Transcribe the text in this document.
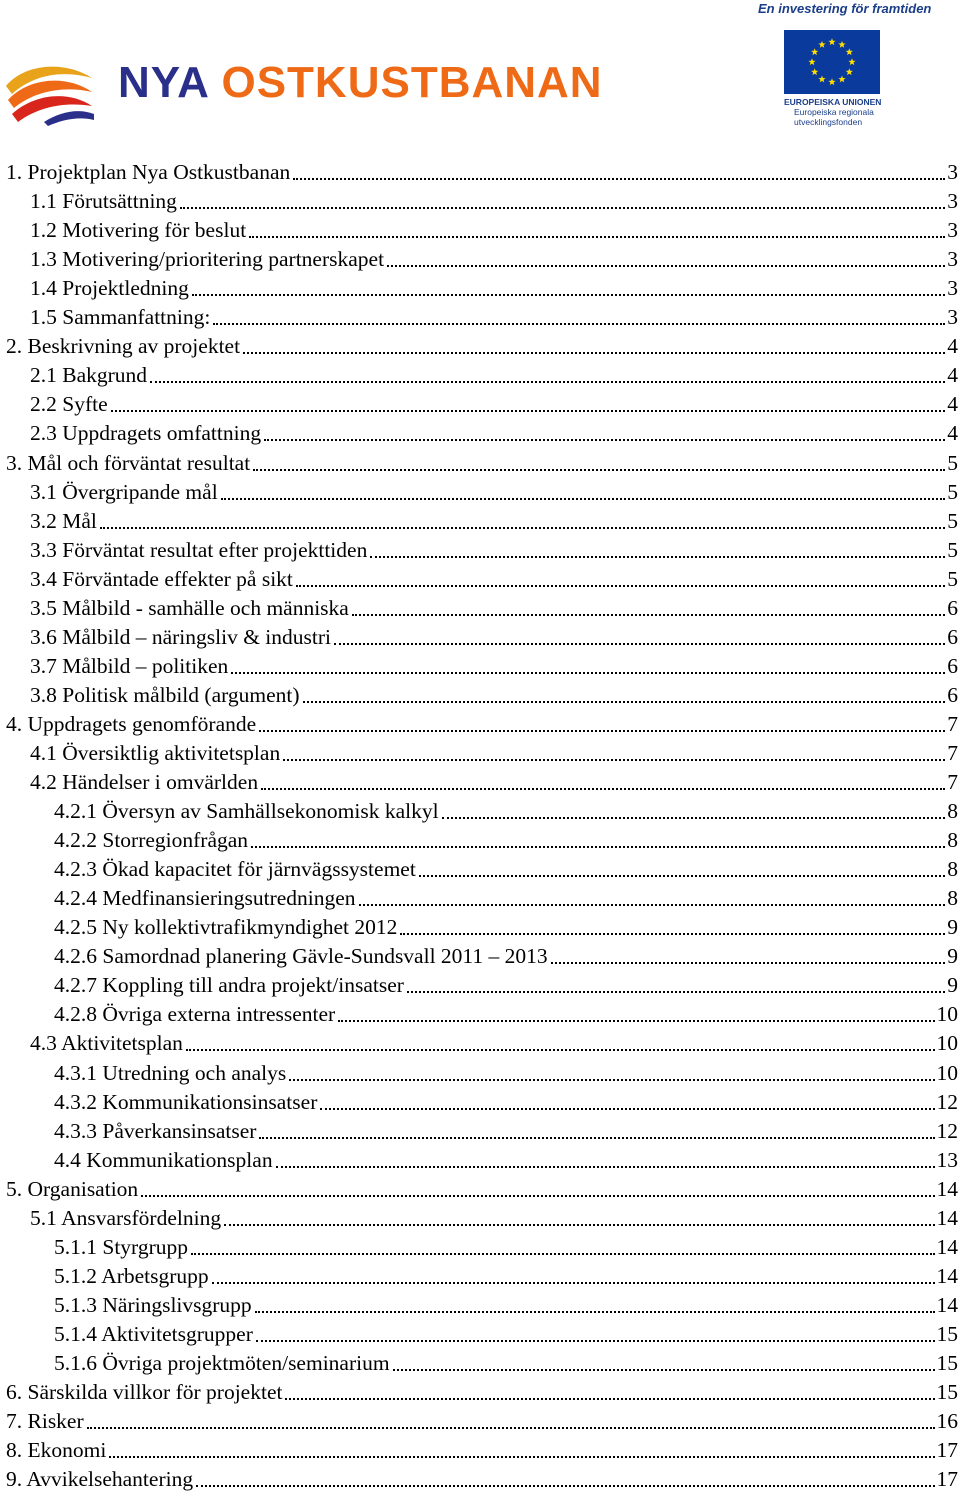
NYA OSTKUSTBANAN
En investering för framtiden
EUROPEISKA UNIONEN
Europeiska regionala
utvecklingsfonden
1. Projektplan Nya Ostkustbanan	3
1.1 Förutsättning	3
1.2 Motivering för beslut	3
1.3 Motivering/prioritering partnerskapet	3
1.4 Projektledning	3
1.5 Sammanfattning:	3
2. Beskrivning av projektet	4
2.1 Bakgrund	4
2.2 Syfte	4
2.3 Uppdragets omfattning	4
3. Mål och förväntat resultat	5
3.1 Övergripande mål	5
3.2 Mål	5
3.3 Förväntat resultat efter projekttiden	5
3.4 Förväntade effekter på sikt	5
3.5 Målbild - samhälle och människa	6
3.6 Målbild – näringsliv & industri	6
3.7 Målbild – politiken	6
3.8 Politisk målbild (argument)	6
4. Uppdragets genomförande	7
4.1 Översiktlig aktivitetsplan	7
4.2 Händelser i omvärlden	7
4.2.1 Översyn av Samhällsekonomisk kalkyl	8
4.2.2 Storregionfrågan	8
4.2.3 Ökad kapacitet för järnvägssystemet	8
4.2.4 Medfinansieringsutredningen	8
4.2.5 Ny kollektivtrafikmyndighet 2012	9
4.2.6 Samordnad planering Gävle-Sundsvall 2011 – 2013	9
4.2.7 Koppling till andra projekt/insatser	9
4.2.8 Övriga externa intressenter	10
4.3 Aktivitetsplan	10
4.3.1 Utredning och analys	10
4.3.2 Kommunikationsinsatser	12
4.3.3 Påverkansinsatser	12
4.4 Kommunikationsplan	13
5. Organisation	14
5.1 Ansvarsfördelning	14
5.1.1 Styrgrupp	14
5.1.2 Arbetsgrupp	14
5.1.3 Näringslivsgrupp	14
5.1.4 Aktivitetsgrupper	15
5.1.6 Övriga projektmöten/seminarium	15
6. Särskilda villkor för projektet	15
7. Risker	16
8. Ekonomi	17
9. Avvikelsehantering	17
